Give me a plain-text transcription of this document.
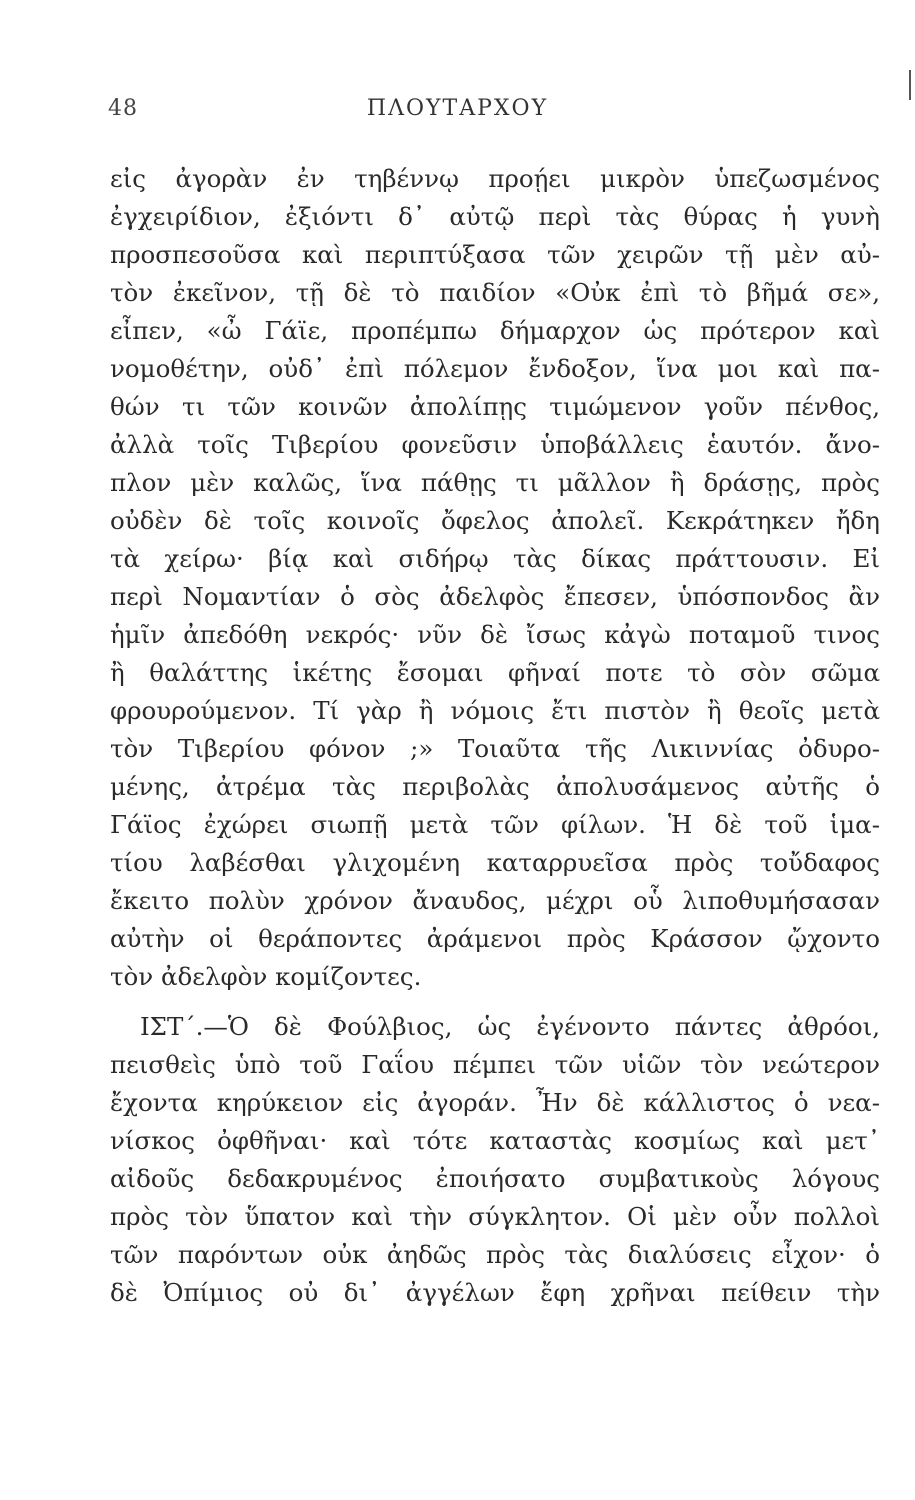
48	ΠΛΟΥΤΑΡΧΟΥ
εἰς ἀγορὰν ἐν τηβέννῳ προῄει μικρὸν ὑπεζωσμένος
ἐγχειρίδιον, ἐξιόντι δ᾽ αὐτῷ περὶ τὰς θύρας ἡ γυνὴ
προσπεσοῦσα καὶ περιπτύξασα τῶν χειρῶν τῇ μὲν αὐ-
τὸν ἐκεῖνον, τῇ δὲ τὸ παιδίον «Οὐκ ἐπὶ τὸ βῆμά σε»,
εἶπεν, «ὦ Γάϊε, προπέμπω δήμαρχον ὡς πρότερον καὶ
νομοθέτην, οὐδ᾽ ἐπὶ πόλεμον ἔνδοξον, ἵνα μοι καὶ πα-
θών τι τῶν κοινῶν ἀπολίπῃς τιμώμενον γοῦν πένθος,
ἀλλὰ τοῖς Τιβερίου φονεῦσιν ὑποβάλλεις ἑαυτόν. ἄνο-
πλον μὲν καλῶς, ἵνα πάθῃς τι μᾶλλον ἢ δράσῃς, πρὸς
οὐδὲν δὲ τοῖς κοινοῖς ὄφελος ἀπολεῖ. Κεκράτηκεν ἤδη
τὰ χείρω· βίᾳ καὶ σιδήρῳ τὰς δίκας πράττουσιν. Εἰ
περὶ Νομαντίαν ὁ σὸς ἀδελφὸς ἔπεσεν, ὑπόσπονδος ἂν
ἡμῖν ἀπεδόθη νεκρός· νῦν δὲ ἴσως κἀγὼ ποταμοῦ τινος
ἢ θαλάττης ἱκέτης ἔσομαι φῆναί ποτε τὸ σὸν σῶμα
φρουρούμενον. Τί γὰρ ἢ νόμοις ἔτι πιστὸν ἢ θεοῖς μετὰ
τὸν Τιβερίου φόνον ;» Τοιαῦτα τῆς Λικιννίας ὀδυρο-
μένης, ἀτρέμα τὰς περιβολὰς ἀπολυσάμενος αὐτῆς ὁ
Γάϊος ἐχώρει σιωπῇ μετὰ τῶν φίλων. Ἡ δὲ τοῦ ἱμα-
τίου λαβέσθαι γλιχομένη καταρρυεῖσα πρὸς τοὔδαφος
ἔκειτο πολὺν χρόνον ἄναυδος, μέχρι οὗ λιποθυμήσασαν
αὐτὴν οἱ θεράποντες ἀράμενοι πρὸς Κράσσον ᾤχοντο
τὸν ἀδελφὸν κομίζοντες.
ΙΣΤ´.—Ὁ δὲ Φούλβιος, ὡς ἐγένοντο πάντες ἀθρόοι,
πεισθεὶς ὑπὸ τοῦ Γαΐου πέμπει τῶν υἱῶν τὸν νεώτερον
ἔχοντα κηρύκειον εἰς ἀγοράν. Ἦν δὲ κάλλιστος ὁ νεα-
νίσκος ὀφθῆναι· καὶ τότε καταστὰς κοσμίως καὶ μετ᾽
αἰδοῦς δεδακρυμένος ἐποιήσατο συμβατικοὺς λόγους
πρὸς τὸν ὕπατον καὶ τὴν σύγκλητον. Οἱ μὲν οὖν πολλοὶ
τῶν παρόντων οὐκ ἀηδῶς πρὸς τὰς διαλύσεις εἶχον· ὁ
δὲ Ὀπίμιος οὐ δι᾽ ἀγγέλων ἔφη χρῆναι πείθειν τὴν
